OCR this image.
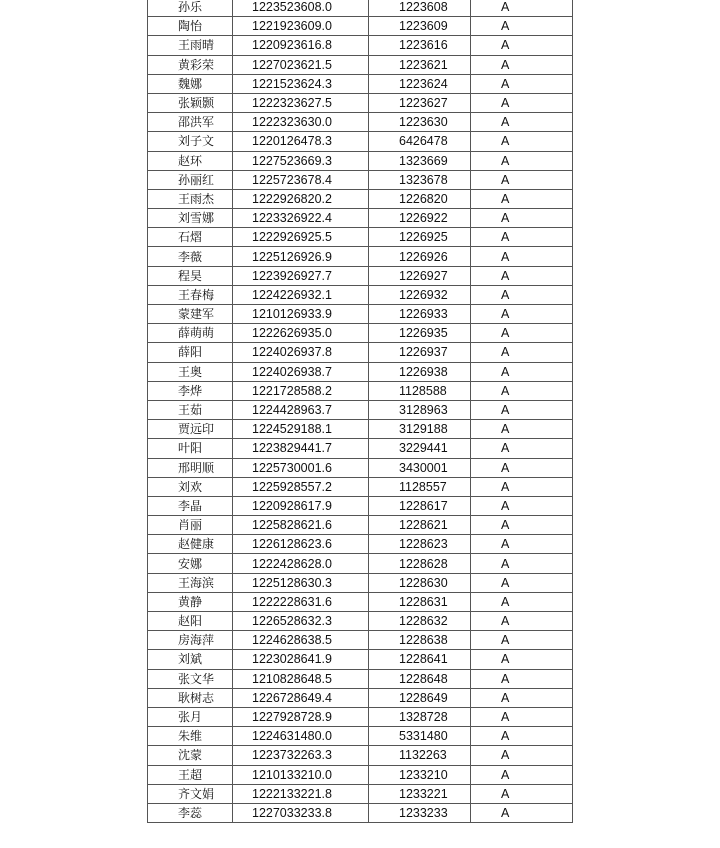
孙乐	1223523608.0	1223608	A
陶怡	1221923609.0	1223609	A
王雨晴	1220923616.8	1223616	A
黄彩荣	1227023621.5	1223621	A
魏娜	1221523624.3	1223624	A
张颖颢	1222323627.5	1223627	A
邵洪军	1222323630.0	1223630	A
刘子文	1220126478.3	6426478	A
赵环	1227523669.3	1323669	A
孙丽红	1225723678.4	1323678	A
王雨杰	1222926820.2	1226820	A
刘雪娜	1223326922.4	1226922	A
石熠	1222926925.5	1226925	A
李薇	1225126926.9	1226926	A
程昊	1223926927.7	1226927	A
王春梅	1224226932.1	1226932	A
蒙建军	1210126933.9	1226933	A
薛萌萌	1222626935.0	1226935	A
薛阳	1224026937.8	1226937	A
王奥	1224026938.7	1226938	A
李烨	1221728588.2	1128588	A
王茹	1224428963.7	3128963	A
贾远印	1224529188.1	3129188	A
叶阳	1223829441.7	3229441	A
邢明顺	1225730001.6	3430001	A
刘欢	1225928557.2	1128557	A
李晶	1220928617.9	1228617	A
肖丽	1225828621.6	1228621	A
赵健康	1226128623.6	1228623	A
安娜	1222428628.0	1228628	A
王海滨	1225128630.3	1228630	A
黄静	1222228631.6	1228631	A
赵阳	1226528632.3	1228632	A
房海萍	1224628638.5	1228638	A
刘斌	1223028641.9	1228641	A
张文华	1210828648.5	1228648	A
耿树志	1226728649.4	1228649	A
张月	1227928728.9	1328728	A
朱维	1224631480.0	5331480	A
沈蒙	1223732263.3	1132263	A
王超	1210133210.0	1233210	A
齐文娟	1222133221.8	1233221	A
李蕊	1227033233.8	1233233	A
